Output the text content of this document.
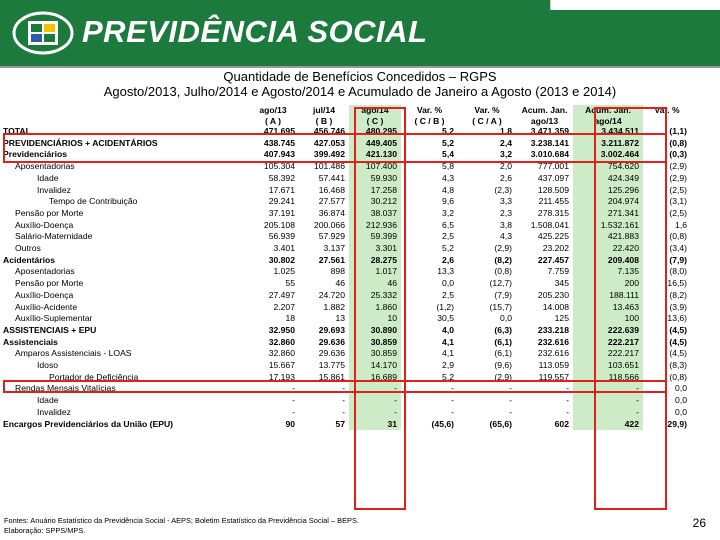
PREVIDÊNCIA SOCIAL
Quantidade de Benefícios Concedidos – RGPS
Agosto/2013, Julho/2014 e Agosto/2014 e Acumulado de Janeiro a Agosto (2013 e 2014)
	ago/13	jul/14	ago/14	Var. %	Var. %	Acum. Jan.	Acum. Jan.	Var. %
	( A )	( B )	( C )	( C / B )	( C / A )	ago/13	ago/14	
TOTAL	471.695	456.746	480.295	5,2	1,8	3.471.359	3.434.511	(1,1)
PREVIDENCIÁRIOS + ACIDENTÁRIOS	438.745	427.053	449.405	5,2	2,4	3.238.141	3.211.872	(0,8)
Previdenciários	407.943	399.492	421.130	5,4	3,2	3.010.684	3.002.464	(0,3)
Aposentadorias	105.304	101.486	107.400	5,8	2,0	777.001	754.620	(2,9)
Idade	58.392	57.441	59.930	4,3	2,6	437.097	424.349	(2,9)
Invalidez	17.671	16.468	17.258	4,8	(2,3)	128.509	125.296	(2,5)
Tempo de Contribuição	29.241	27.577	30.212	9,6	3,3	211.455	204.974	(3,1)
Pensão por Morte	37.191	36.874	38.037	3,2	2,3	278.315	271.341	(2,5)
Auxílio-Doença	205.108	200.066	212.936	6,5	3,8	1.508.041	1.532.161	1,6
Salário-Maternidade	56.939	57.929	59.399	2,5	4,3	425.225	421.883	(0,8)
Outros	3.401	3.137	3.301	5,2	(2,9)	23.202	22.420	(3,4)
Acidentários	30.802	27.561	28.275	2,6	(8,2)	227.457	209.408	(7,9)
Aposentadorias	1.025	898	1.017	13,3	(0,8)	7.759	7.135	(8,0)
Pensão por Morte	55	46	46	0,0	(12,7)	345	200	(16,5)
Auxílio-Doença	27.497	24.720	25.332	2,5	(7,9)	205.230	188.111	(8,2)
Auxílio-Acidente	2.207	1.882	1.860	(1,2)	(15,7)	14.008	13.463	(3,9)
Auxílio-Suplementar	18	13	10	30,5	0,0	125	100	(13,6)
ASSISTENCIAIS + EPU	32.950	29.693	30.890	4,0	(6,3)	233.218	222.639	(4,5)
Assistenciais	32.860	29.636	30.859	4,1	(6,1)	232.616	222.217	(4,5)
Amparos Assistenciais - LOAS	32.860	29.636	30.859	4,1	(6,1)	232.616	222.217	(4,5)
Idoso	15.667	13.775	14.170	2,9	(9,6)	113.059	103.651	(8,3)
Portador de Deficiência	17.193	15.861	16.689	5,2	(2,9)	119.557	118.566	(0,8)
Rendas Mensais Vitalícias	-	-	-	-	-	-	-	0,0
Idade	-	-	-	-	-	-	-	0,0
Invalidez	-	-	-	-	-	-	-	0,0
Encargos Previdenciários da União (EPU)	90	57	31	(45,6)	(65,6)	602	422	(29,9)
Fontes: Anuário Estatístico da Previdência Social - AEPS; Boletim Estatístico da Previdência Social – BEPS.
Elaboração: SPPS/MPS.
26
